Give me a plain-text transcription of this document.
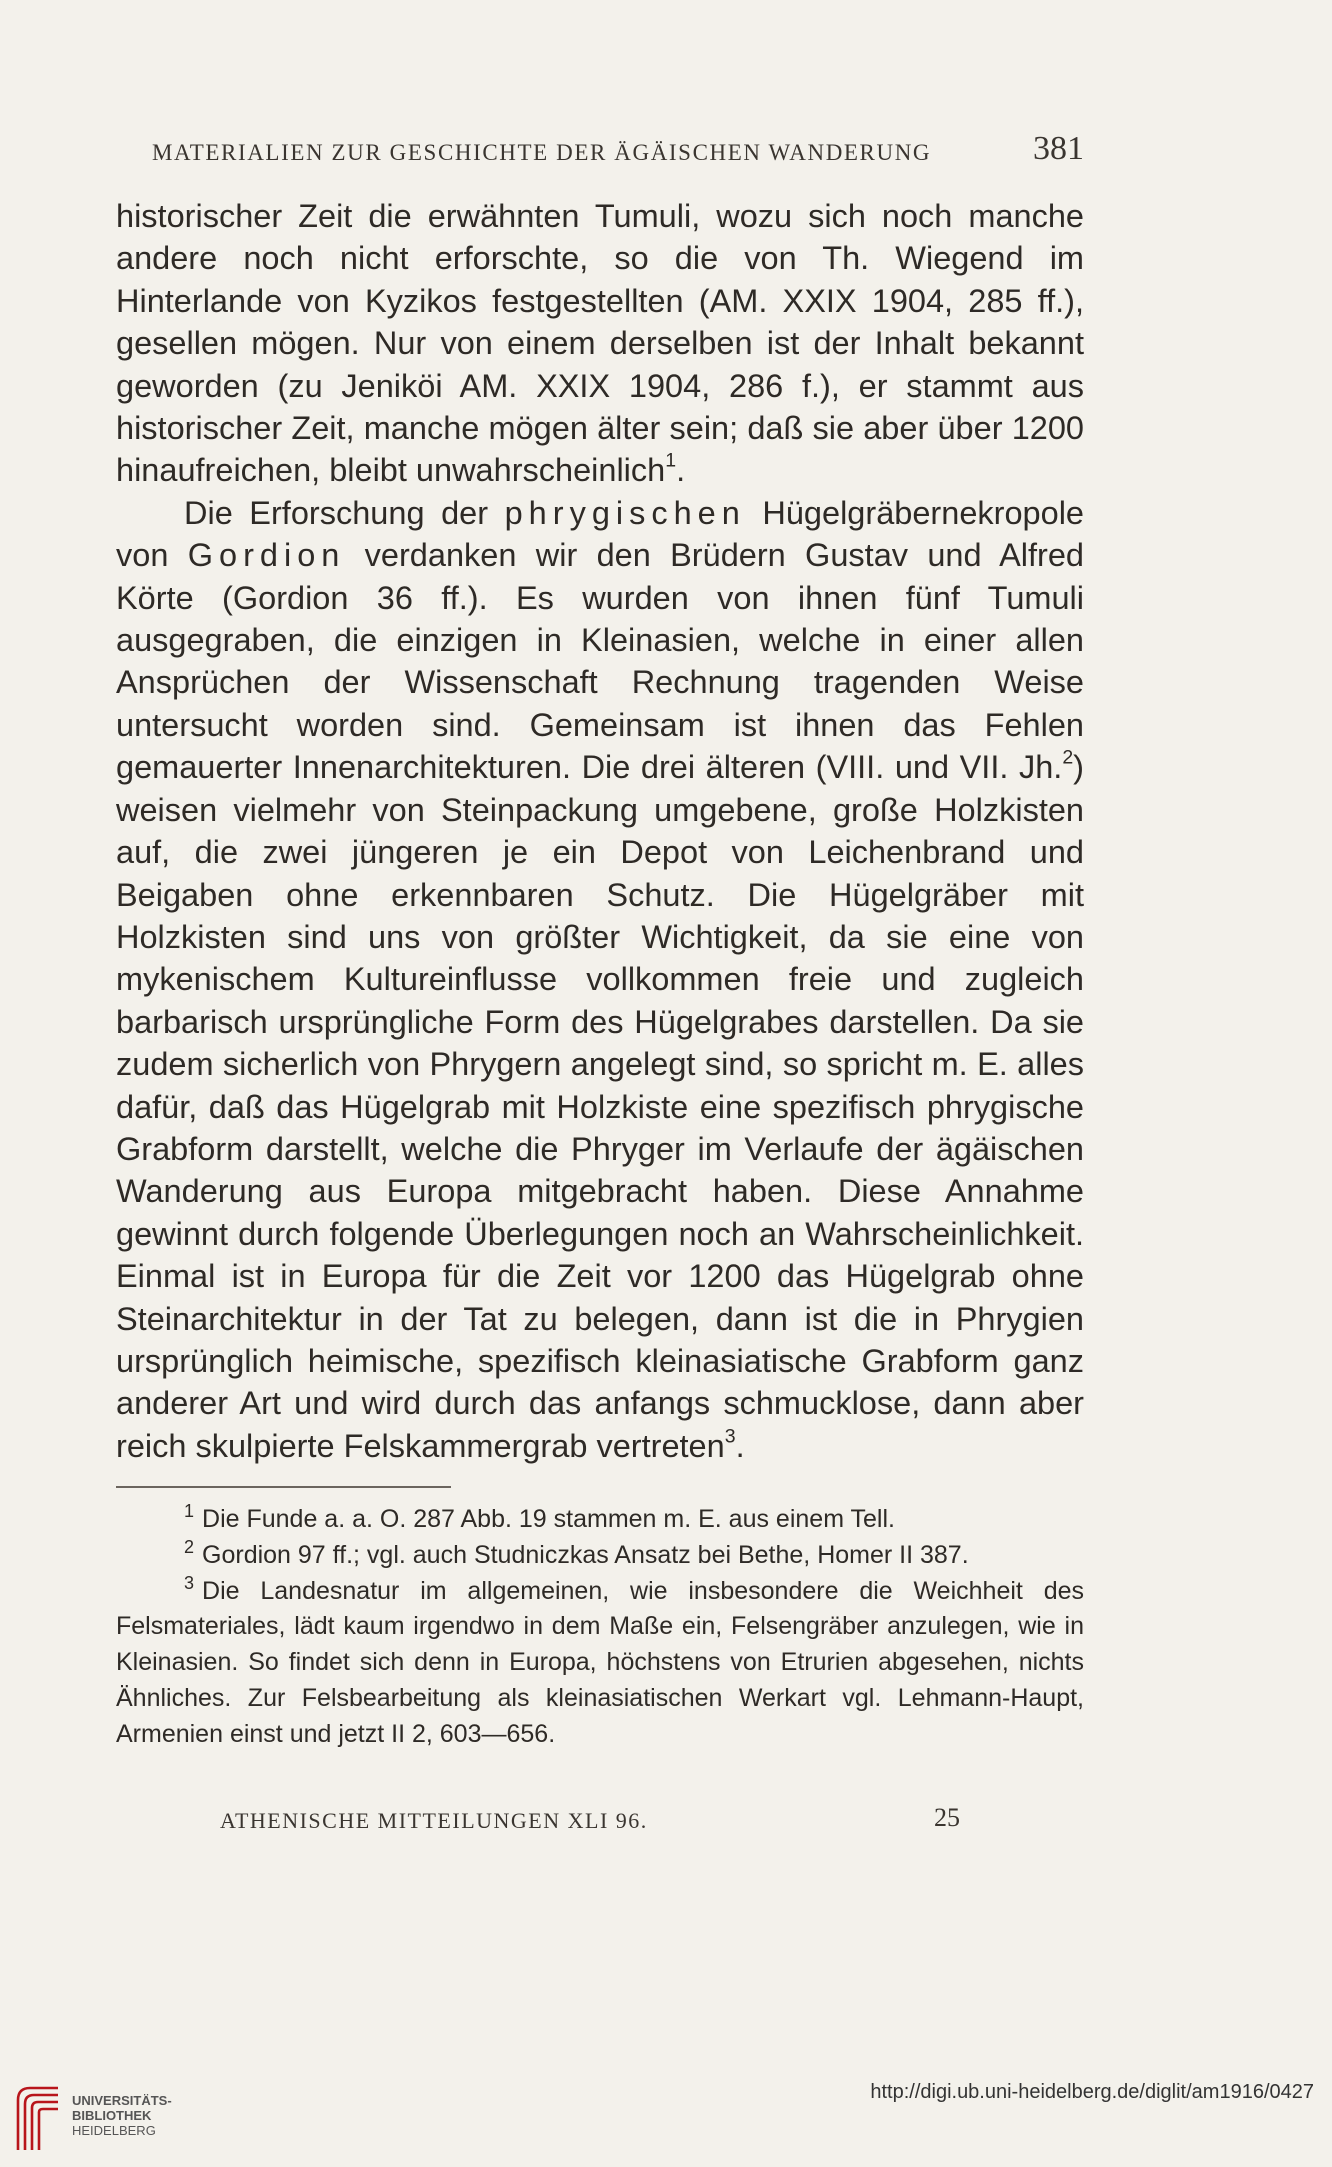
MATERIALIEN ZUR GESCHICHTE DER ÄGÄISCHEN WANDERUNG	381

historischer Zeit die erwähnten Tumuli, wozu sich noch manche andere noch nicht erforschte, so die von Th. Wiegend im Hinterlande von Kyzikos festgestellten (AM. XXIX 1904, 285 ff.), gesellen mögen. Nur von einem derselben ist der Inhalt bekannt geworden (zu Jeniköi AM. XXIX 1904, 286 f.), er stammt aus historischer Zeit, manche mögen älter sein; daß sie aber über 1200 hinaufreichen, bleibt unwahrscheinlich$^1$.

Die Erforschung der phrygischen Hügelgräbernekropole von Gordion verdanken wir den Brüdern Gustav und Alfred Körte (Gordion 36 ff.). Es wurden von ihnen fünf Tumuli ausgegraben, die einzigen in Kleinasien, welche in einer allen Ansprüchen der Wissenschaft Rechnung tragenden Weise untersucht worden sind. Gemeinsam ist ihnen das Fehlen gemauerter Innenarchitekturen. Die drei älteren (VIII. und VII. Jh.$^2$) weisen vielmehr von Steinpackung umgebene, große Holzkisten auf, die zwei jüngeren je ein Depot von Leichenbrand und Beigaben ohne erkennbaren Schutz. Die Hügelgräber mit Holzkisten sind uns von größter Wichtigkeit, da sie eine von mykenischem Kultureinflusse vollkommen freie und zugleich barbarisch ursprüngliche Form des Hügelgrabes darstellen. Da sie zudem sicherlich von Phrygern angelegt sind, so spricht m. E. alles dafür, daß das Hügelgrab mit Holzkiste eine spezifisch phrygische Grabform darstellt, welche die Phryger im Verlaufe der ägäischen Wanderung aus Europa mitgebracht haben. Diese Annahme gewinnt durch folgende Überlegungen noch an Wahrscheinlichkeit. Einmal ist in Europa für die Zeit vor 1200 das Hügelgrab ohne Steinarchitektur in der Tat zu belegen, dann ist die in Phrygien ursprünglich heimische, spezifisch kleinasiatische Grabform ganz anderer Art und wird durch das anfangs schmucklose, dann aber reich skulpierte Felskammergrab vertreten$^3$.

$^1$ Die Funde a. a. O. 287 Abb. 19 stammen m. E. aus einem Tell.

$^2$ Gordion 97 ff.; vgl. auch Studniczkas Ansatz bei Bethe, Homer II 387.

$^3$ Die Landesnatur im allgemeinen, wie insbesondere die Weichheit des Felsmateriales, lädt kaum irgendwo in dem Maße ein, Felsengräber anzulegen, wie in Kleinasien. So findet sich denn in Europa, höchstens von Etrurien abgesehen, nichts Ähnliches. Zur Felsbearbeitung als kleinasiatischen Werkart vgl. Lehmann-Haupt, Armenien einst und jetzt II 2, 603—656.

ATHENISCHE MITTEILUNGEN XLI 96.	25
UNIVERSITÄTS-
BIBLIOTHEK
HEIDELBERG
http://digi.ub.uni-heidelberg.de/diglit/am1916/0427
